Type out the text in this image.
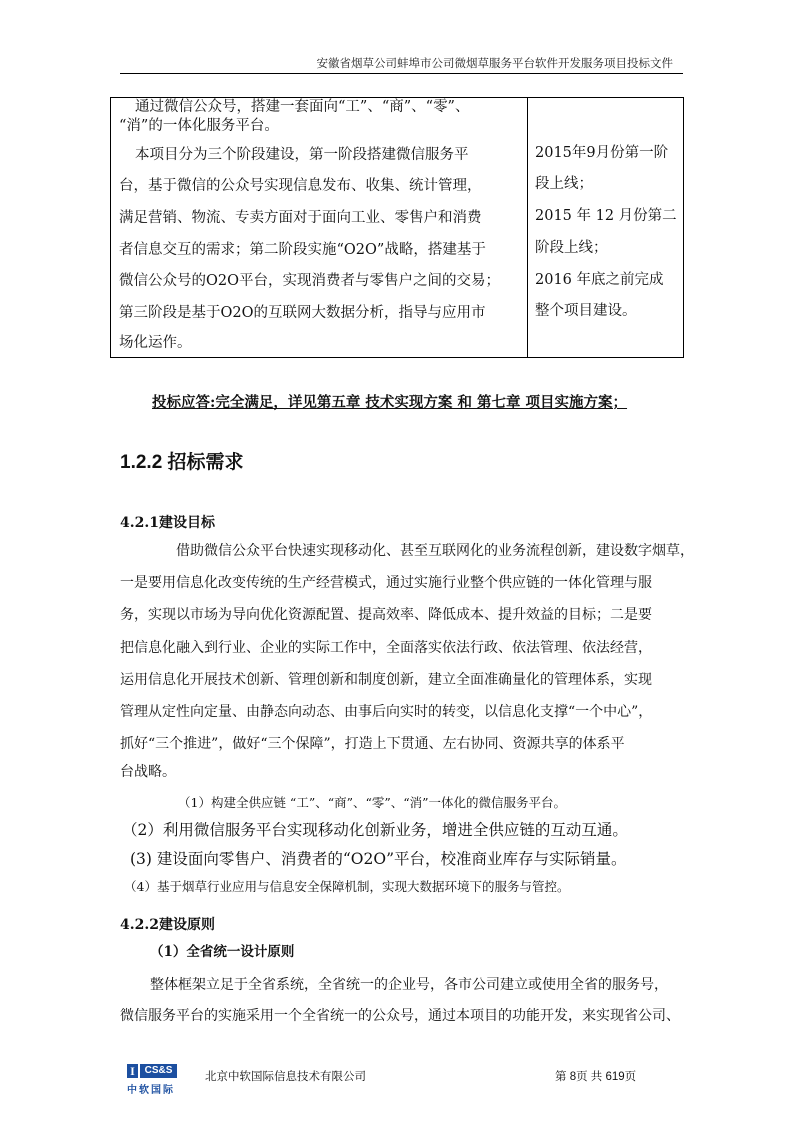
安徽省烟草公司蚌埠市公司微烟草服务平台软件开发服务项目投标文件
通过微信公众号，搭建一套面向“工”、“商”、“零”、
“消”的一体化服务平台。
本项目分为三个阶段建设，第一阶段搭建微信服务平
台，基于微信的公众号实现信息发布、收集、统计管理，
满足营销、物流、专卖方面对于面向工业、零售户和消费
者信息交互的需求；第二阶段实施“O2O”战略，搭建基于
微信公众号的O2O平台，实现消费者与零售户之间的交易；
第三阶段是基于O2O的互联网大数据分析，指导与应用市
场化运作。
2015年9月份第一阶
段上线；
2015 年 12 月份第二
阶段上线；
2016 年底之前完成
整个项目建设。
投标应答:完全满足，详见第五章 技术实现方案 和 第七章 项目实施方案；
1.2.2 招标需求
4.2.1建设目标
借助微信公众平台快速实现移动化、甚至互联网化的业务流程创新，建设数字烟草，
一是要用信息化改变传统的生产经营模式，通过实施行业整个供应链的一体化管理与服
务，实现以市场为导向优化资源配置、提高效率、降低成本、提升效益的目标；二是要
把信息化融入到行业、企业的实际工作中，全面落实依法行政、依法管理、依法经营，
运用信息化开展技术创新、管理创新和制度创新，建立全面准确量化的管理体系，实现
管理从定性向定量、由静态向动态、由事后向实时的转变，以信息化支撑“一个中心”，
抓好“三个推进”，做好“三个保障”，打造上下贯通、左右协同、资源共享的体系平
台战略。
（1）构建全供应链 “工”、“商”、“零”、“消”一体化的微信服务平台。
（2）利用微信服务平台实现移动化创新业务，增进全供应链的互动互通。
(3) 建设面向零售户、消费者的“O2O”平台，校准商业库存与实际销量。
（4）基于烟草行业应用与信息安全保障机制，实现大数据环境下的服务与管控。
4.2.2建设原则
（1）全省统一设计原则
整体框架立足于全省系统，全省统一的企业号，各市公司建立或使用全省的服务号，
微信服务平台的实施采用一个全省统一的公众号，通过本项目的功能开发，来实现省公司、
I CS&S
中软国际
北京中软国际信息技术有限公司	第 8页 共 619页
